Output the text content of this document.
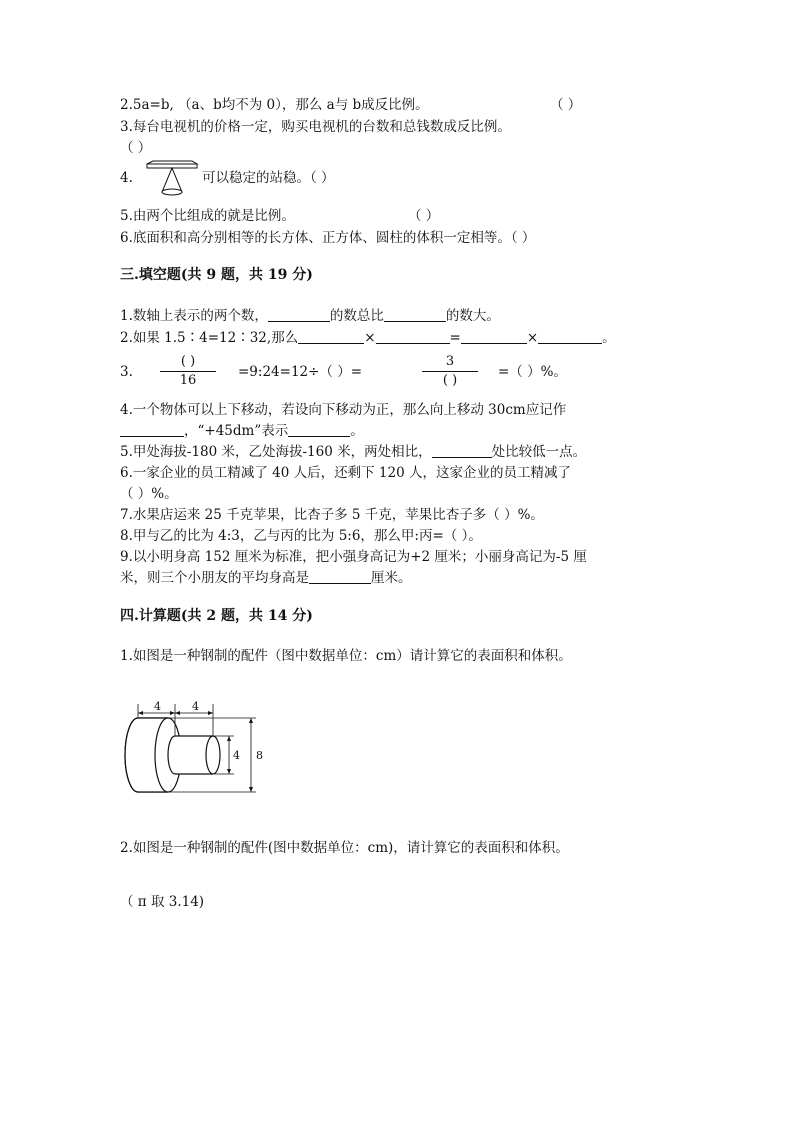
2.5a=b, （a、b均不为 0），那么 a与 b成反比例。	（ ）
3.每台电视机的价格一定，购买电视机的台数和总钱数成反比例。
（ ）
4.	可以稳定的站稳。（ ）
5.由两个比组成的就是比例。	（ ）
6.底面积和高分别相等的长方体、正方体、圆柱的体积一定相等。（ ）
三.填空题(共 9 题，共 19 分)
1.数轴上表示的两个数，	的数总比	的数大。
2.如果 1.5∶4=12∶32,那么	×	=	×	。
3.
( )
16
=9:24=12÷（ ）=
3
( )
=（ ）%。
4.一个物体可以上下移动，若设向下移动为正，那么向上移动 30cm应记作
，“+45dm”表示	。
5.甲处海拔-180 米，乙处海拔-160 米，两处相比，	处比较低一点。
6.一家企业的员工精减了 40 人后，还剩下 120 人，这家企业的员工精减了
（ ）%。
7.水果店运来 25 千克苹果，比杏子多 5 千克，苹果比杏子多（ ）%。
8.甲与乙的比为 4:3，乙与丙的比为 5:6，那么甲:丙=（ ）。
9.以小明身高 152 厘米为标准，把小强身高记为+2 厘米；小丽身高记为-5 厘
米，则三个小朋友的平均身高是	厘米。
四.计算题(共 2 题，共 14 分)
1.如图是一种钢制的配件（图中数据单位：cm）请计算它的表面积和体积。
4	4
4 8
2.如图是一种钢制的配件(图中数据单位：cm)，请计算它的表面积和体积。
（ π 取 3.14)
